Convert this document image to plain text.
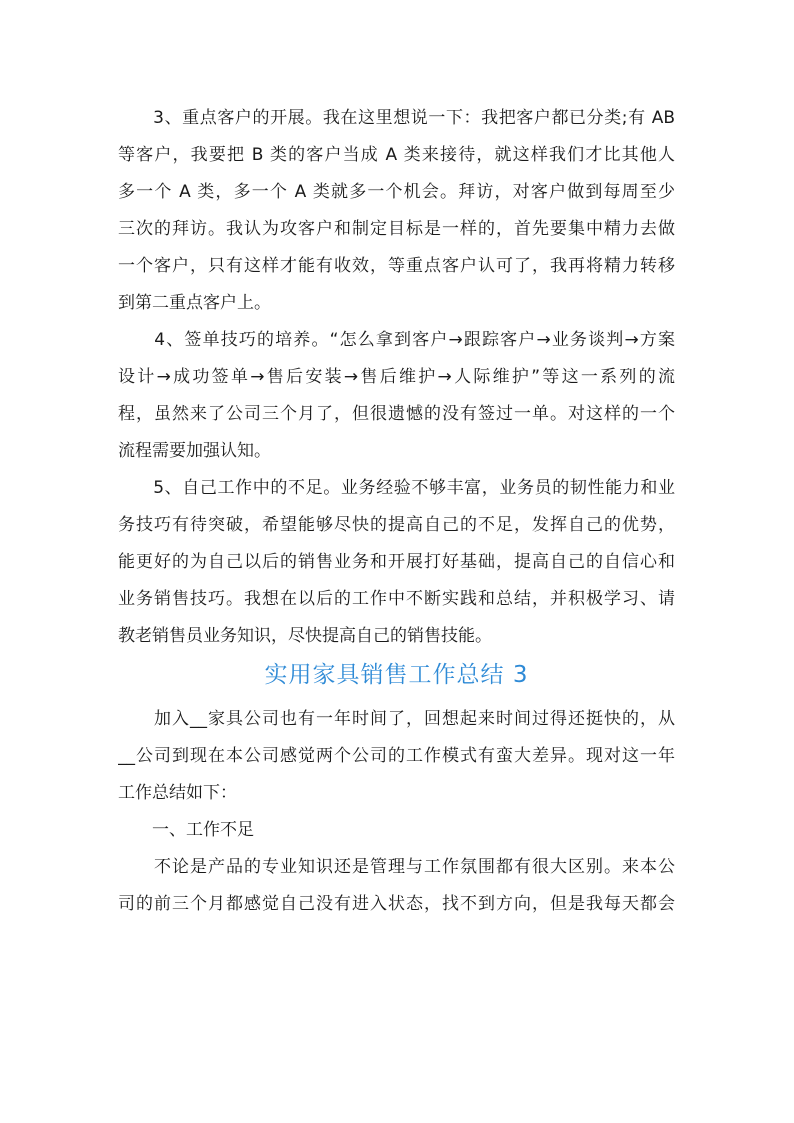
　　3、重点客户的开展。我在这里想说一下：我把客户都已分类;有 AB
等客户，我要把 B 类的客户当成 A 类来接待，就这样我们才比其他人
多一个 A 类，多一个 A 类就多一个机会。拜访，对客户做到每周至少
三次的拜访。我认为攻客户和制定目标是一样的，首先要集中精力去做
一个客户，只有这样才能有收效，等重点客户认可了，我再将精力转移
到第二重点客户上。
　　4、签单技巧的培养。“怎么拿到客户→跟踪客户→业务谈判→方案
设计→成功签单→售后安装→售后维护→人际维护”等这一系列的流
程，虽然来了公司三个月了，但很遗憾的没有签过一单。对这样的一个
流程需要加强认知。
　　5、自己工作中的不足。业务经验不够丰富，业务员的韧性能力和业
务技巧有待突破，希望能够尽快的提高自己的不足，发挥自己的优势，
能更好的为自己以后的销售业务和开展打好基础，提高自己的自信心和
业务销售技巧。我想在以后的工作中不断实践和总结，并积极学习、请
教老销售员业务知识，尽快提高自己的销售技能。
实用家具销售工作总结 3
　　加入__家具公司也有一年时间了，回想起来时间过得还挺快的，从
__公司到现在本公司感觉两个公司的工作模式有蛮大差异。现对这一年
工作总结如下：
　　一、工作不足
　　不论是产品的专业知识还是管理与工作氛围都有很大区别。来本公
司的前三个月都感觉自己没有进入状态，找不到方向，但是我每天都会
